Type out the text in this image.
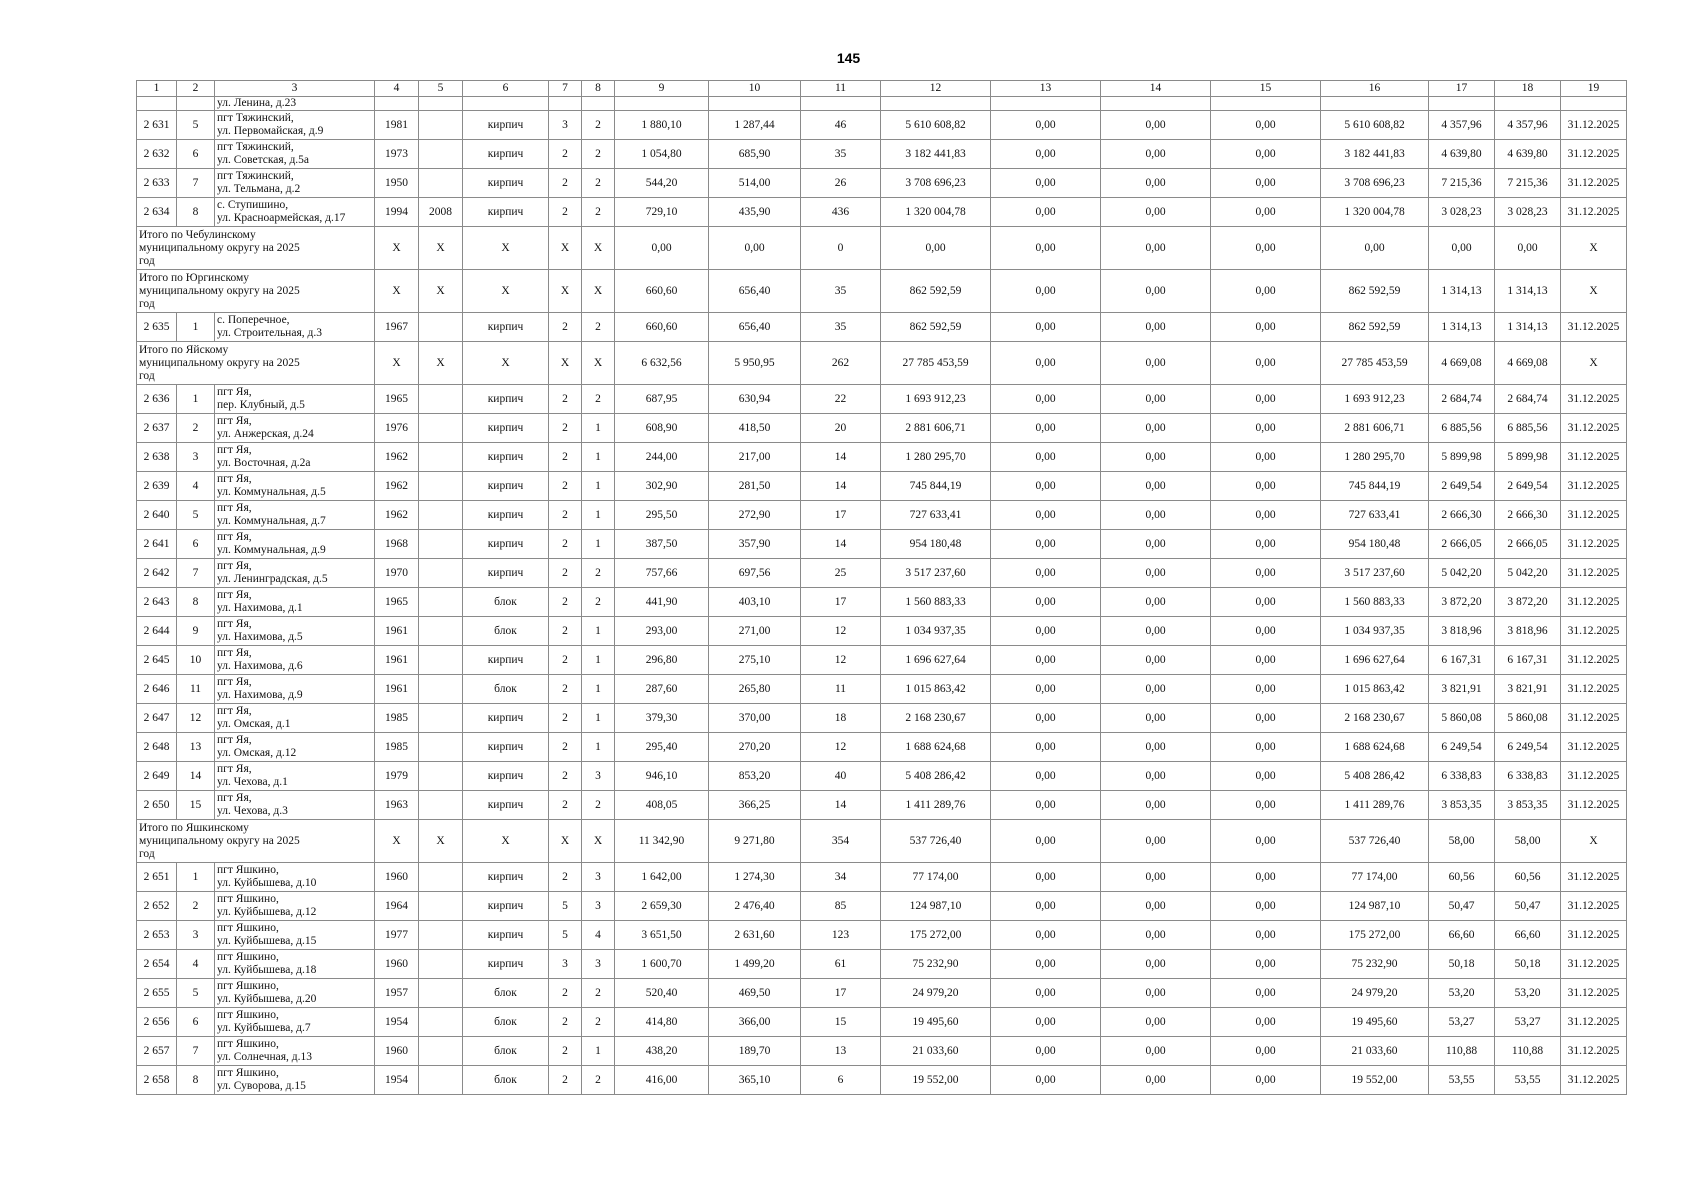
145
1	2	3	4	5	6	7	8	9	10	11	12	13	14	15	16	17	18	19
		ул. Ленина, д.23																
2 631	5	пгт Тяжинский,
ул. Первомайская, д.9	1981		кирпич	3	2	1 880,10	1 287,44	46	5 610 608,82	0,00	0,00	0,00	5 610 608,82	4 357,96	4 357,96	31.12.2025
2 632	6	пгт Тяжинский,
ул. Советская, д.5а	1973		кирпич	2	2	1 054,80	685,90	35	3 182 441,83	0,00	0,00	0,00	3 182 441,83	4 639,80	4 639,80	31.12.2025
2 633	7	пгт Тяжинский,
ул. Тельмана, д.2	1950		кирпич	2	2	544,20	514,00	26	3 708 696,23	0,00	0,00	0,00	3 708 696,23	7 215,36	7 215,36	31.12.2025
2 634	8	с. Ступишино,
ул. Красноармейская, д.17	1994	2008	кирпич	2	2	729,10	435,90	436	1 320 004,78	0,00	0,00	0,00	1 320 004,78	3 028,23	3 028,23	31.12.2025
Итого по Чебулинскому
муниципальному округу на 2025
год			X	X	X	X	X	0,00	0,00	0	0,00	0,00	0,00	0,00	0,00	0,00	0,00	X
Итого по Юргинскому
муниципальному округу на 2025
год			X	X	X	X	X	660,60	656,40	35	862 592,59	0,00	0,00	0,00	862 592,59	1 314,13	1 314,13	X
2 635	1	с. Поперечное,
ул. Строительная, д.3	1967		кирпич	2	2	660,60	656,40	35	862 592,59	0,00	0,00	0,00	862 592,59	1 314,13	1 314,13	31.12.2025
Итого по Яйскому
муниципальному округу на 2025
год			X	X	X	X	X	6 632,56	5 950,95	262	27 785 453,59	0,00	0,00	0,00	27 785 453,59	4 669,08	4 669,08	X
2 636	1	пгт Яя,
пер. Клубный, д.5	1965		кирпич	2	2	687,95	630,94	22	1 693 912,23	0,00	0,00	0,00	1 693 912,23	2 684,74	2 684,74	31.12.2025
2 637	2	пгт Яя,
ул. Анжерская, д.24	1976		кирпич	2	1	608,90	418,50	20	2 881 606,71	0,00	0,00	0,00	2 881 606,71	6 885,56	6 885,56	31.12.2025
2 638	3	пгт Яя,
ул. Восточная, д.2а	1962		кирпич	2	1	244,00	217,00	14	1 280 295,70	0,00	0,00	0,00	1 280 295,70	5 899,98	5 899,98	31.12.2025
2 639	4	пгт Яя,
ул. Коммунальная, д.5	1962		кирпич	2	1	302,90	281,50	14	745 844,19	0,00	0,00	0,00	745 844,19	2 649,54	2 649,54	31.12.2025
2 640	5	пгт Яя,
ул. Коммунальная, д.7	1962		кирпич	2	1	295,50	272,90	17	727 633,41	0,00	0,00	0,00	727 633,41	2 666,30	2 666,30	31.12.2025
2 641	6	пгт Яя,
ул. Коммунальная, д.9	1968		кирпич	2	1	387,50	357,90	14	954 180,48	0,00	0,00	0,00	954 180,48	2 666,05	2 666,05	31.12.2025
2 642	7	пгт Яя,
ул. Ленинградская, д.5	1970		кирпич	2	2	757,66	697,56	25	3 517 237,60	0,00	0,00	0,00	3 517 237,60	5 042,20	5 042,20	31.12.2025
2 643	8	пгт Яя,
ул. Нахимова, д.1	1965		блок	2	2	441,90	403,10	17	1 560 883,33	0,00	0,00	0,00	1 560 883,33	3 872,20	3 872,20	31.12.2025
2 644	9	пгт Яя,
ул. Нахимова, д.5	1961		блок	2	1	293,00	271,00	12	1 034 937,35	0,00	0,00	0,00	1 034 937,35	3 818,96	3 818,96	31.12.2025
2 645	10	пгт Яя,
ул. Нахимова, д.6	1961		кирпич	2	1	296,80	275,10	12	1 696 627,64	0,00	0,00	0,00	1 696 627,64	6 167,31	6 167,31	31.12.2025
2 646	11	пгт Яя,
ул. Нахимова, д.9	1961		блок	2	1	287,60	265,80	11	1 015 863,42	0,00	0,00	0,00	1 015 863,42	3 821,91	3 821,91	31.12.2025
2 647	12	пгт Яя,
ул. Омская, д.1	1985		кирпич	2	1	379,30	370,00	18	2 168 230,67	0,00	0,00	0,00	2 168 230,67	5 860,08	5 860,08	31.12.2025
2 648	13	пгт Яя,
ул. Омская, д.12	1985		кирпич	2	1	295,40	270,20	12	1 688 624,68	0,00	0,00	0,00	1 688 624,68	6 249,54	6 249,54	31.12.2025
2 649	14	пгт Яя,
ул. Чехова, д.1	1979		кирпич	2	3	946,10	853,20	40	5 408 286,42	0,00	0,00	0,00	5 408 286,42	6 338,83	6 338,83	31.12.2025
2 650	15	пгт Яя,
ул. Чехова, д.3	1963		кирпич	2	2	408,05	366,25	14	1 411 289,76	0,00	0,00	0,00	1 411 289,76	3 853,35	3 853,35	31.12.2025
Итого по Яшкинскому
муниципальному округу на 2025
год			X	X	X	X	X	11 342,90	9 271,80	354	537 726,40	0,00	0,00	0,00	537 726,40	58,00	58,00	X
2 651	1	пгт Яшкино,
ул. Куйбышева, д.10	1960		кирпич	2	3	1 642,00	1 274,30	34	77 174,00	0,00	0,00	0,00	77 174,00	60,56	60,56	31.12.2025
2 652	2	пгт Яшкино,
ул. Куйбышева, д.12	1964		кирпич	5	3	2 659,30	2 476,40	85	124 987,10	0,00	0,00	0,00	124 987,10	50,47	50,47	31.12.2025
2 653	3	пгт Яшкино,
ул. Куйбышева, д.15	1977		кирпич	5	4	3 651,50	2 631,60	123	175 272,00	0,00	0,00	0,00	175 272,00	66,60	66,60	31.12.2025
2 654	4	пгт Яшкино,
ул. Куйбышева, д.18	1960		кирпич	3	3	1 600,70	1 499,20	61	75 232,90	0,00	0,00	0,00	75 232,90	50,18	50,18	31.12.2025
2 655	5	пгт Яшкино,
ул. Куйбышева, д.20	1957		блок	2	2	520,40	469,50	17	24 979,20	0,00	0,00	0,00	24 979,20	53,20	53,20	31.12.2025
2 656	6	пгт Яшкино,
ул. Куйбышева, д.7	1954		блок	2	2	414,80	366,00	15	19 495,60	0,00	0,00	0,00	19 495,60	53,27	53,27	31.12.2025
2 657	7	пгт Яшкино,
ул. Солнечная, д.13	1960		блок	2	1	438,20	189,70	13	21 033,60	0,00	0,00	0,00	21 033,60	110,88	110,88	31.12.2025
2 658	8	пгт Яшкино,
ул. Суворова, д.15	1954		блок	2	2	416,00	365,10	6	19 552,00	0,00	0,00	0,00	19 552,00	53,55	53,55	31.12.2025
